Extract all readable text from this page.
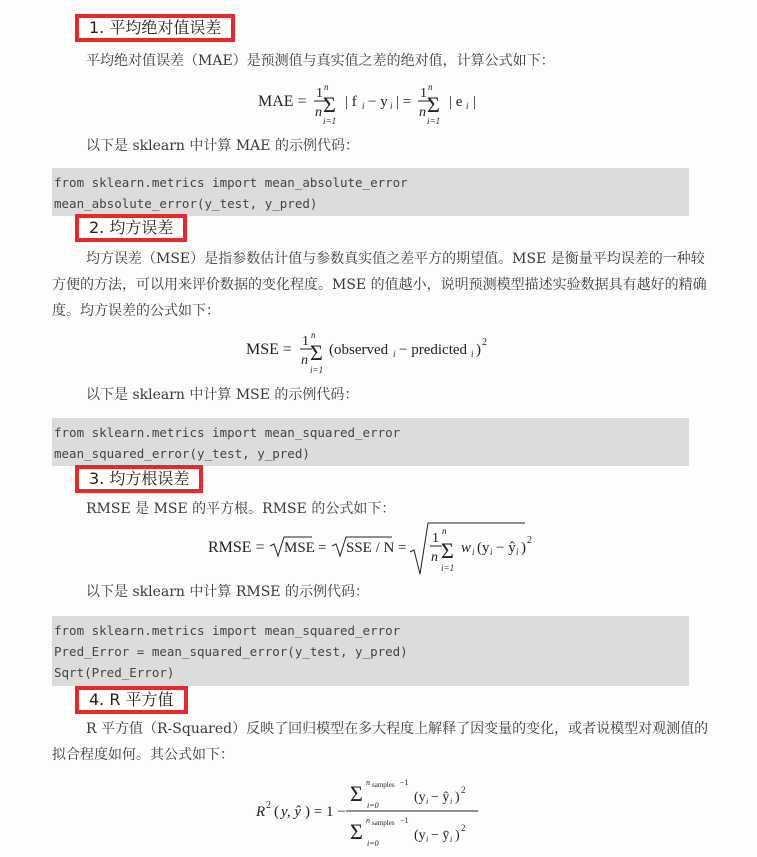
1. 平均绝对值误差
平均绝对值误差（MAE）是预测值与真实值之差的绝对值，计算公式如下：
MAE = 1
n
n
Σ
i=1
| f i − y i | =
1
n
n
Σ
i=1
| e i |
以下是 sklearn 中计算 MAE 的示例代码：
from sklearn.metrics import mean_absolute_error
mean_absolute_error(y_test, y_pred)
2. 均方误差
均方误差（MSE）是指参数估计值与参数真实值之差平方的期望值。MSE 是衡量平均误差的一种较方便的方法，可以用来评价数据的变化程度。MSE 的值越小，说明预测模型描述实验数据具有越好的精确度。均方误差的公式如下：
MSE = 1
n
n
Σ
i=1
(observed i − predicted i ) 2
以下是 sklearn 中计算 MSE 的示例代码：
from sklearn.metrics import mean_squared_error
mean_squared_error(y_test, y_pred)
3. 均方根误差
RMSE 是 MSE 的平方根。RMSE 的公式如下：
RMSE = MSE = SSE / N =
1
n
n
Σ
i=1
w i (y i − ŷ i ) 2
以下是 sklearn 中计算 RMSE 的示例代码：
from sklearn.metrics import mean_squared_error
Pred_Error = mean_squared_error(y_test, y_pred)
Sqrt(Pred_Error)
4. R 平方值
R 平方值（R-Squared）反映了回归模型在多大程度上解释了因变量的变化，或者说模型对观测值的拟合程度如何。其公式如下：
R 2 ( y, ŷ ) = 1 −
Σ n samples −1
i=0
(y i − ŷ i ) 2
Σ n samples −1
i=0
(y i − ȳ i ) 2
